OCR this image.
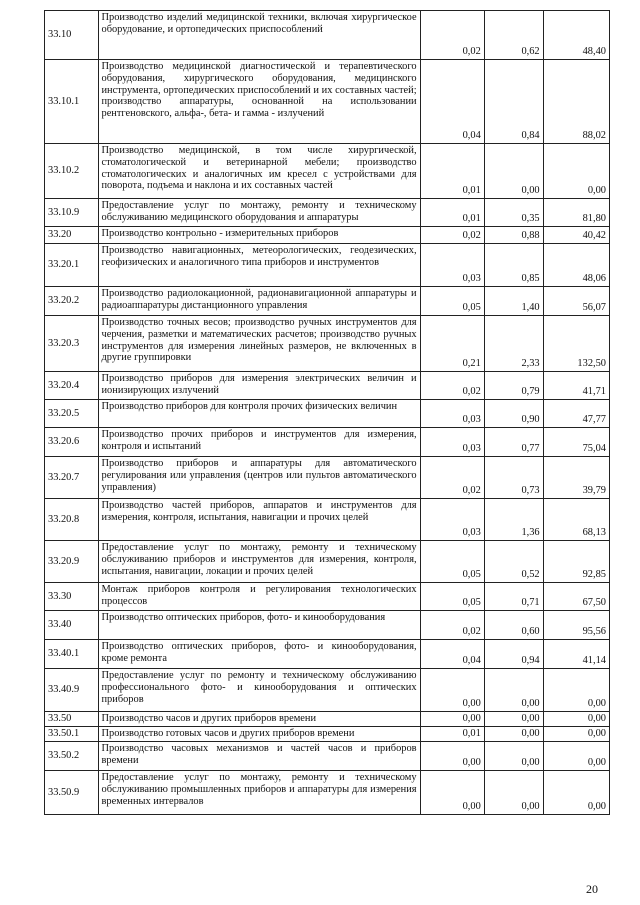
33.10	Производство изделий медицинской техники, включая хирургическое оборудование, и ортопедических приспособлений	0,02	0,62	48,40
33.10.1	Производство медицинской диагностической и терапевтического оборудования, хирургического оборудования, медицинского инструмента, ортопедических приспособлений и их составных частей; производство аппаратуры, основанной на использовании рентгеновского, альфа-, бета- и гамма - излучений	0,04	0,84	88,02
33.10.2	Производство медицинской, в том числе хирургической, стоматологической и ветеринарной мебели; производство стоматологических и аналогичных им кресел с устройствами для поворота, подъема и наклона и их составных частей	0,01	0,00	0,00
33.10.9	Предоставление услуг по монтажу, ремонту и техническому обслуживанию медицинского оборудования и аппаратуры	0,01	0,35	81,80
33.20	Производство контрольно - измерительных приборов	0,02	0,88	40,42
33.20.1	Производство навигационных, метеорологических, геодезических, геофизических и аналогичного типа приборов и инструментов	0,03	0,85	48,06
33.20.2	Производство радиолокационной, радионавигационной аппаратуры и радиоаппаратуры дистанционного управления	0,05	1,40	56,07
33.20.3	Производство точных весов; производство ручных инструментов для черчения, разметки и математических расчетов; производство ручных инструментов для измерения линейных размеров, не включенных в другие группировки	0,21	2,33	132,50
33.20.4	Производство приборов для измерения электрических величин и ионизирующих излучений	0,02	0,79	41,71
33.20.5	Производство приборов для контроля прочих физических величин	0,03	0,90	47,77
33.20.6	Производство прочих приборов и инструментов для измерения, контроля и испытаний	0,03	0,77	75,04
33.20.7	Производство приборов и аппаратуры для автоматического регулирования или управления (центров или пультов автоматического управления)	0,02	0,73	39,79
33.20.8	Производство частей приборов, аппаратов и инструментов для измерения, контроля, испытания, навигации и прочих целей	0,03	1,36	68,13
33.20.9	Предоставление услуг по монтажу, ремонту и техническому обслуживанию приборов и инструментов для измерения, контроля, испытания, навигации, локации и прочих целей	0,05	0,52	92,85
33.30	Монтаж приборов контроля и регулирования технологических процессов	0,05	0,71	67,50
33.40	Производство оптических приборов, фото- и кинооборудования	0,02	0,60	95,56
33.40.1	Производство оптических приборов, фото- и кинооборудования, кроме ремонта	0,04	0,94	41,14
33.40.9	Предоставление услуг по ремонту и техническому обслуживанию профессионального фото- и кинооборудования и оптических приборов	0,00	0,00	0,00
33.50	Производство часов и других приборов времени	0,00	0,00	0,00
33.50.1	Производство готовых часов и других приборов времени	0,01	0,00	0,00
33.50.2	Производство часовых механизмов и частей часов и приборов времени	0,00	0,00	0,00
33.50.9	Предоставление услуг по монтажу, ремонту и техническому обслуживанию промышленных приборов и аппаратуры для измерения временных интервалов	0,00	0,00	0,00
20
